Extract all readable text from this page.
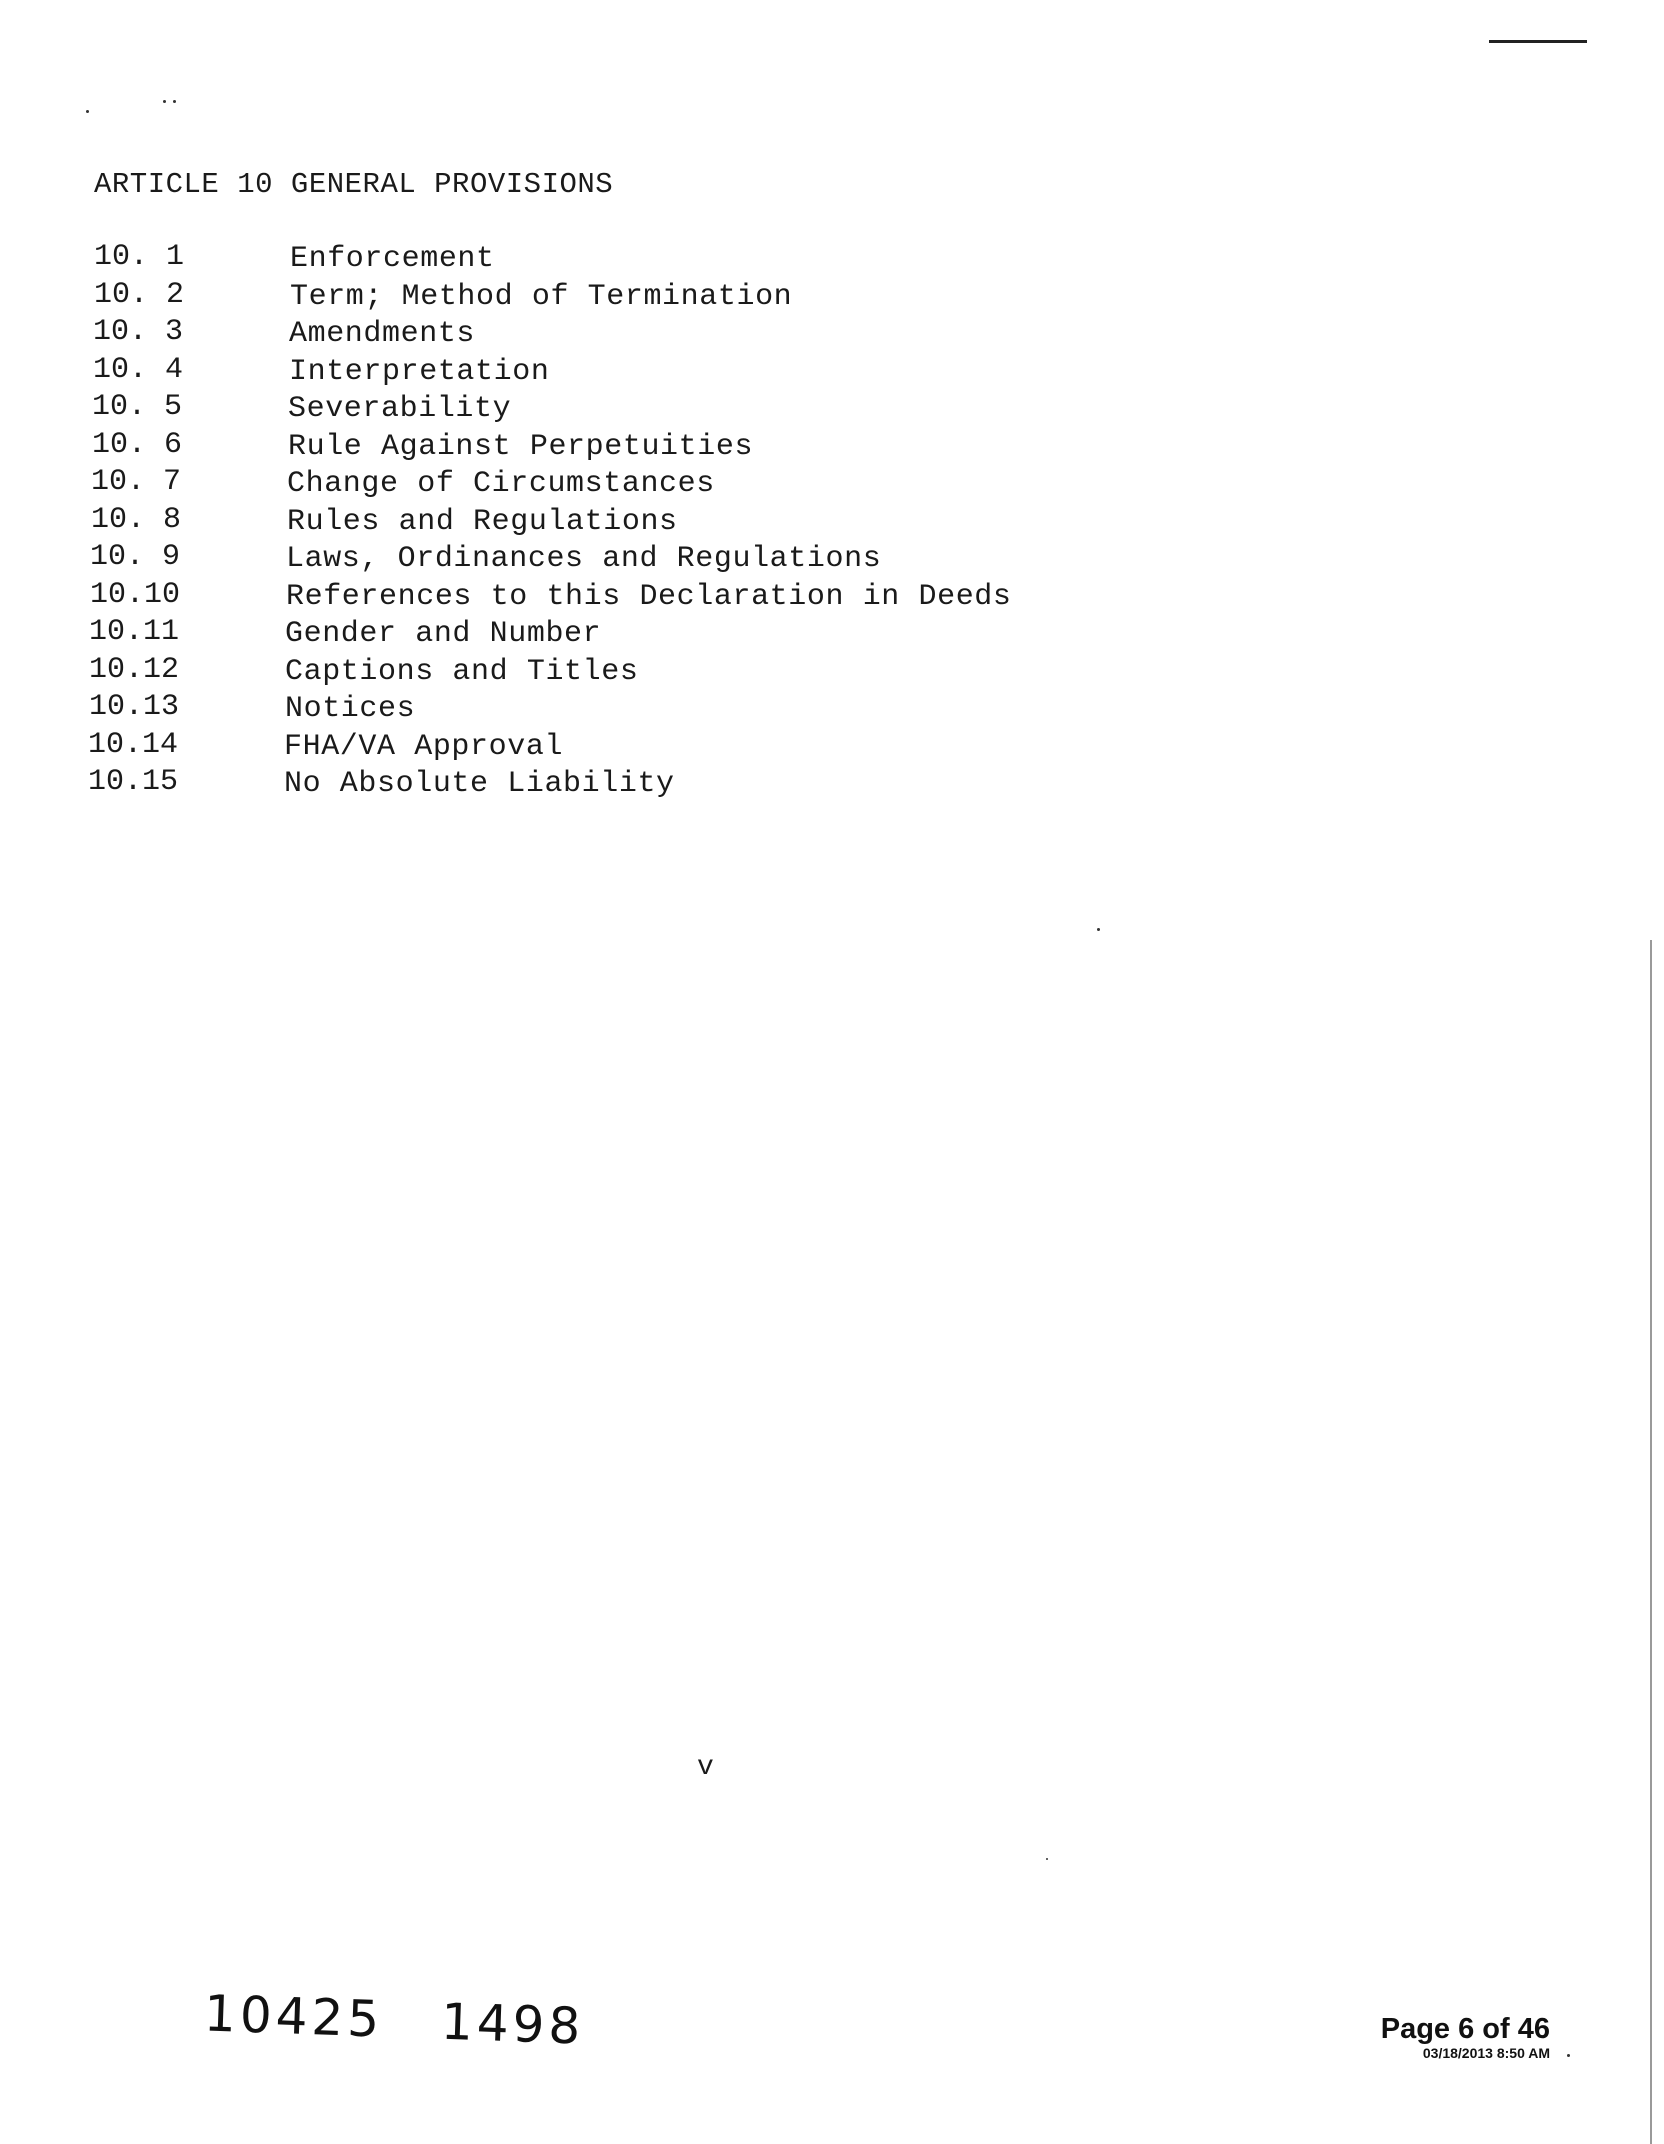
ARTICLE 10 GENERAL PROVISIONS
10. 1	Enforcement
10. 2	Term; Method of Termination
10. 3	Amendments
10. 4	Interpretation
10. 5	Severability
10. 6	Rule Against Perpetuities
10. 7	Change of Circumstances
10. 8	Rules and Regulations
10. 9	Laws, Ordinances and Regulations
10.10	References to this Declaration in Deeds
10.11	Gender and Number
10.12	Captions and Titles
10.13	Notices
10.14	FHA/VA Approval
10.15	No Absolute Liability
v
10425 1498	Page 6 of 46
03/18/2013 8:50 AM
